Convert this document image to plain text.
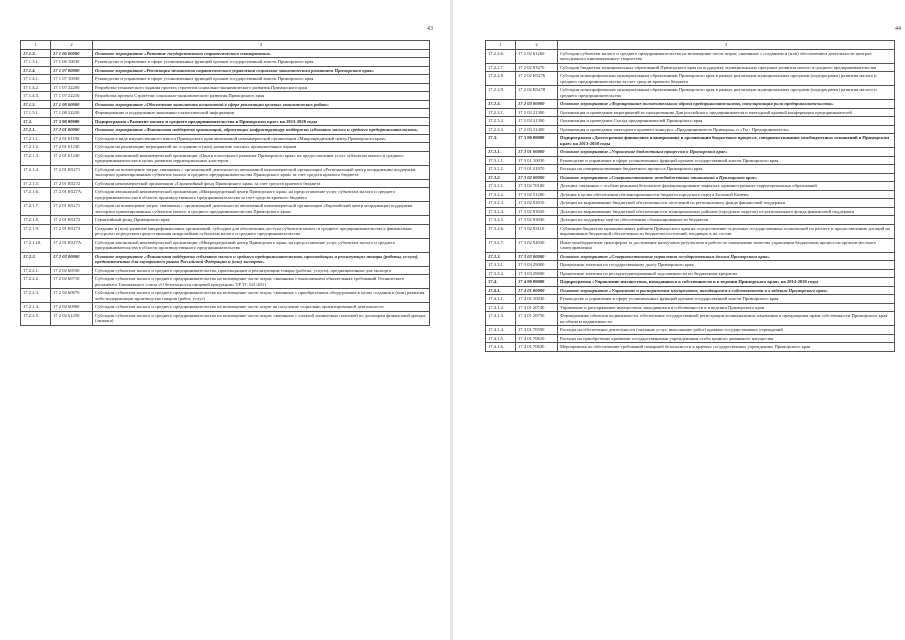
43
1	2	3
17.1.3.	17 1 06 00000	Основное мероприятие «Развитие государственного стратегического планирования»
17.1.3.1.	17 1 06 10030	Руководство и управление в сфере установленных функций органов государственной власти Приморского края
17.1.4.	17 1 07 00000	Основное мероприятие «Реализация механизмов стратегического управления социально-экономическим развитием Приморского края»
17.1.4.1.	17 1 07 10030	Руководство и управление в сфере установленных функций органов государственной власти Приморского края
17.1.4.2.	17 1 07 22200	Разработка технического задания проекта стратегии социально-экономического развития Приморского края
17.1.4.3.	17 1 07 22210	Разработка проекта Стратегии социально-экономического развития Приморского края
17.1.5.	17 1 08 00000	Основное мероприятие «Обеспечение выполнения полномочий в сфере реализации целевых экономических работ»
17.1.5.1.	17 1 08 22220	Формирование и поддержание экономико-статистической информации
17.2.	17 2 00 00000	Подпрограмма «Развитие малого и среднего предпринимательства в Приморском крае» на 2013-2020 годы
17.2.1.	17 2 01 00000	Основное мероприятие «Финансовая поддержка организаций, образующих инфраструктуру поддержки субъектов малого и среднего предпринимательства»
17.2.1.1.	17 2 01 61190	Субсидии в виде имущественного взноса Приморского края автономной некоммерческой организации «Микрокредитный центр Приморского края»
17.2.1.2.	17 2 01 61230	Субсидии на реализацию мероприятий по созданию и (или) развитию частных промышленных парков
17.2.1.3.	17 2 01 61240	Субсидии автономной некоммерческой организации «Центр кластерного развития Приморского края» на предоставление услуг субъектам малого и среднего предпринимательства в целях развития территориальных кластеров
17.2.1.4.	17 2 01 R5271	Субсидии на возмещение затрат, связанных с организацией деятельности автономной некоммерческой организации «Региональный центр координации поддержки экспортно ориентированных субъектов малого и среднего предпринимательства Приморского края» за счет средств краевого бюджета
17.2.1.5.	17 2 01 R5272	Субсидии некоммерческой организации «Гарантийный фонд Приморского края» за счет средств краевого бюджета
17.2.1.6.	17 2 01 R527A	Субсидии автономной некоммерческой организации «Микрокредитный центр Приморского края» на предоставление услуг субъектам малого и среднего предпринимательства в области производственного предпринимательства за счет средств краевого бюджета
17.2.1.7.	17 2 01 R5271	Субсидии на возмещение затрат, связанных с организацией деятельности автономной некоммерческой организации «Евразийский центр координации поддержки экспортно ориентированных субъектов малого и среднего предпринимательства Приморского края»
17.2.1.8.	17 2 01 R5272	Гарантийный фонд Приморского края
17.2.1.9.	17 2 01 R5273	Создание и (или) развитие микрофинансовых организаций, субсидии для обеспечения доступа субъектов малого и среднего предпринимательства к финансовым ресурсам посредством предоставления микрозаймов субъектам малого и среднего предпринимательства
17.2.1.10.	17 2 01 R527A	Субсидии автономной некоммерческой организации «Микрокредитный центр Приморского края» на предоставление услуг субъектам малого и среднего предпринимательства в области производственного предпринимательства
17.2.2.	17 2 02 00000	Основное мероприятие «Финансовая поддержка субъектов малого и среднего предпринимательства, производящих и реализующих товары (работы, услуги), предназначенные для внутреннего рынка Российской Федерации и (или) экспорта»
17.2.2.1.	17 2 02 60550	Субсидии субъектам малого и среднего предпринимательства, производящим и реализующим товары (работы, услуги), предназначенные для экспорта
17.2.2.2.	17 2 02 60710	Субсидии субъектам малого и среднего предпринимательства на возмещение части затрат, связанных с выполнением обязательных требований Технического регламента Таможенного союза «О безопасности пищевой продукции» ТР ТС 021/2011
17.2.2.3.	17 2 02 60970	Субсидии субъектам малого и среднего предпринимательства на возмещение части затрат, связанных с приобретением оборудования в целях создания и (или) развития либо модернизации производства товаров (работ, услуг)
17.2.2.4.	17 2 02 60980	Субсидии субъектам малого и среднего предпринимательства на возмещение части затрат на получение социально ориентированной деятельности
17.2.2.5.	17 2 02 61250	Субсидии субъектам малого и среднего предпринимательства на возмещение части затрат, связанных с уплатой лизинговых платежей по договорам финансовой аренды (лизинга)
44
1	2	3
17.2.2.6.	17 2 02 61260	Субсидии субъектам малого и среднего предпринимательства на возмещение части затрат, связанных с созданием и (или) обеспечением деятельности центров молодежного инновационного творчества
17.2.2.7.	17 2 02 93270	Субсидии бюджетам муниципальных образований Приморского края на поддержку муниципальных программ развития малого и среднего предпринимательства
17.2.2.8.	17 2 02 R5276	Субсидии монопрофильным муниципальным образованиям Приморского края в рамках реализации муниципальных программ (подпрограмм) развития малого и среднего предпринимательства за счет средств краевого бюджета
17.2.2.9.	17 2 02 R5478	Субсидии монопрофильным муниципальным образованиям Приморского края в рамках реализации муниципальных программ (подпрограмм) развития малого и среднего предпринимательства
17.2.3.	17 2 03 00000	Основное мероприятие «Формирование положительного образа предпринимательства, популяризация роли предпринимательства»
17.2.3.1.	17 2 03 21380	Организация и проведение мероприятий ко празднованию Дня российского предпринимателя и ежегодный краевой конференции предпринимателей
17.2.3.2.	17 2 03 21390	Организация и проведение Съезда предпринимателей Приморского края
17.2.3.3.	17 2 03 21400	Организация и проведение ежегодного краевого конкурса «Предприниматель Приморья» и «Ты - Предприниматель»
17.3.	17 3 00 00000	Подпрограмма «Долгосрочное финансовое планирование и организация бюджетного процесса, совершенствование межбюджетных отношений в Приморском крае» на 2013-2020 годы
17.3.1.	17 3 01 00000	Основное мероприятие «Управление бюджетным процессом в Приморском крае»
17.3.1.1.	17 3 01 10030	Руководство и управление в сфере установленных функций органов государственной власти Приморского края
17.3.1.2.	17 3 01 21970	Расходы на совершенствование бюджетного процесса Приморского края
17.3.2.	17 3 02 00000	Основное мероприятие «Совершенствование межбюджетных отношений в Приморском крае»
17.3.2.1.	17 3 02 70100	Дотации, связанные с особым режимом безопасное функционирование закрытых административно-территориальных образований
17.3.2.2.	17 3 02 51260	Дотация в целях обеспечения сбалансированности бюджета городского округа Большой Камень
17.3.2.3.	17 3 02 93010	Дотации на выравнивание бюджетной обеспеченности поселений из регионального фонда финансовой поддержки
17.3.2.4.	17 3 02 93020	Дотации на выравнивание бюджетной обеспеченности муниципальных районов (городских округов) из регионального фонда финансовой поддержки
17.3.2.5.	17 3 02 93030	Дотации на поддержку мер по обеспечению сбалансированности бюджетов
17.3.2.6.	17 3 02 93110	Субвенции бюджетам муниципальных районов Приморского края на осуществление отдельных государственных полномочий по расчету и предоставлению дотаций на выравнивание бюджетной обеспеченности бюджетам поселений, входящих в их состав
17.3.2.7.	17 3 02 94030	Иные межбюджетные трансферты за достижение наилучших результатов в работе по повышению качества управления бюджетным процессом органов местного самоуправления
17.3.3.	17 3 03 00000	Основное мероприятие «Совершенствование управления государственным долгом Приморского края»
17.3.3.1.	17 3 03 29000	Процентные платежи по государственному долгу Приморского края
17.3.3.2.	17 3 03 29690	Процентные платежи по реструктуризированной задолженности по бюджетным кредитам
17.4.	17 4 00 00000	Подпрограмма «Управление имуществом, находящимся в собственности и в ведении Приморского края» на 2014-2020 годы
17.4.1.	17 4 01 00000	Основное мероприятие «Управление и распоряжение имуществом, находящимся в собственности и в ведении Приморского края»
17.4.1.1.	17 4 01 10030	Руководство и управление в сфере установленных функций органов государственной власти Приморского края
17.4.1.2.	17 4 01 20740	Управление и распоряжение имуществом, находящимся в собственности и в ведении Приморского края
17.4.1.3.	17 4 01 20750	Формирование объектов недвижимости, обеспечение государственной регистрации возникновения, изменения и прекращения права собственности Приморского края на объекты недвижимости
17.4.1.4.	17 4 01 70590	Расходы на обеспечение деятельности (оказание услуг, выполнение работ) краевых государственных учреждений
17.4.1.5.	17 4 01 70610	Расходы на приобретение краевыми государственными учреждениями особо ценного движимого имущества
17.4.1.6.	17 4 01 70630	Мероприятия по обеспечению требований пожарной безопасности в краевых государственных учреждениях Приморского края
